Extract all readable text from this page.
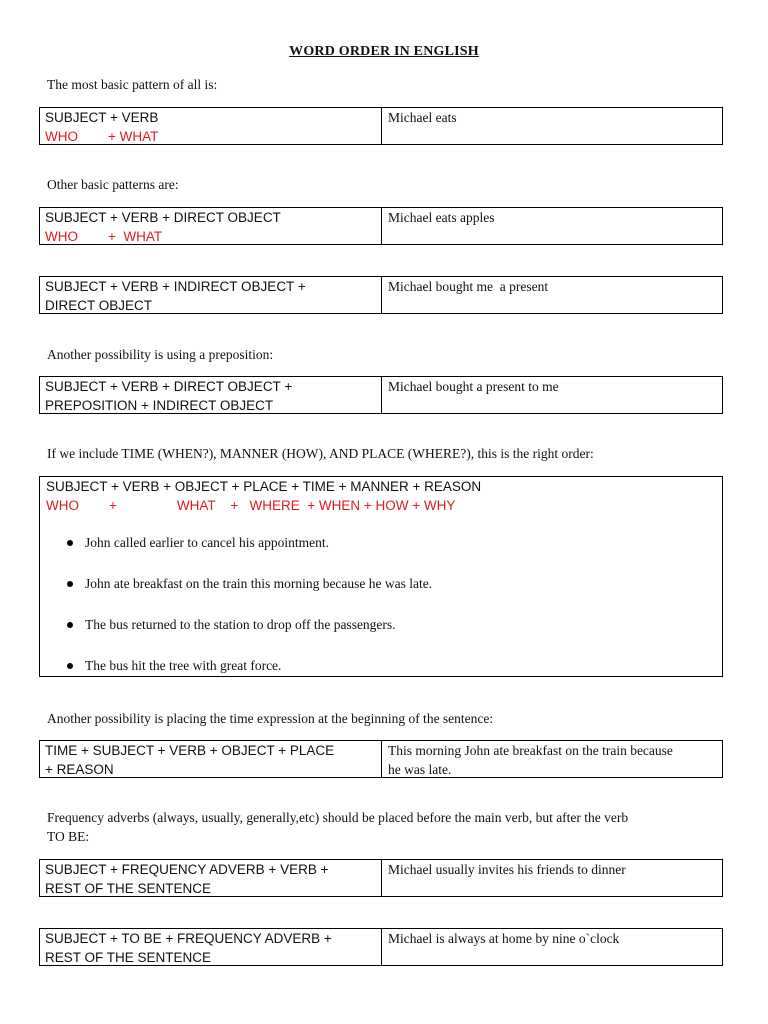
WORD ORDER IN ENGLISH
The most basic pattern of all is:
SUBJECT + VERB
WHO        + WHAT
Michael eats
Other basic patterns are:
SUBJECT + VERB + DIRECT OBJECT
WHO        +  WHAT
Michael eats apples
SUBJECT + VERB + INDIRECT OBJECT +
DIRECT OBJECT
Michael bought me  a present
Another possibility is using a preposition:
SUBJECT + VERB + DIRECT OBJECT +
PREPOSITION + INDIRECT OBJECT
Michael bought a present to me
If we include TIME (WHEN?), MANNER (HOW), AND PLACE (WHERE?), this is the right order:
SUBJECT + VERB + OBJECT + PLACE + TIME + MANNER + REASON
WHO        +                WHAT    +   WHERE  + WHEN + HOW + WHY
John called earlier to cancel his appointment.
John ate breakfast on the train this morning because he was late.
The bus returned to the station to drop off the passengers.
The bus hit the tree with great force.
Another possibility is placing the time expression at the beginning of the sentence:
TIME + SUBJECT + VERB + OBJECT + PLACE
+ REASON
This morning John ate breakfast on the train because
he was late.
Frequency adverbs (always, usually, generally,etc) should be placed before the main verb, but after the verb
TO BE:
SUBJECT + FREQUENCY ADVERB + VERB +
REST OF THE SENTENCE
Michael usually invites his friends to dinner
SUBJECT + TO BE + FREQUENCY ADVERB +
REST OF THE SENTENCE
Michael is always at home by nine o`clock
